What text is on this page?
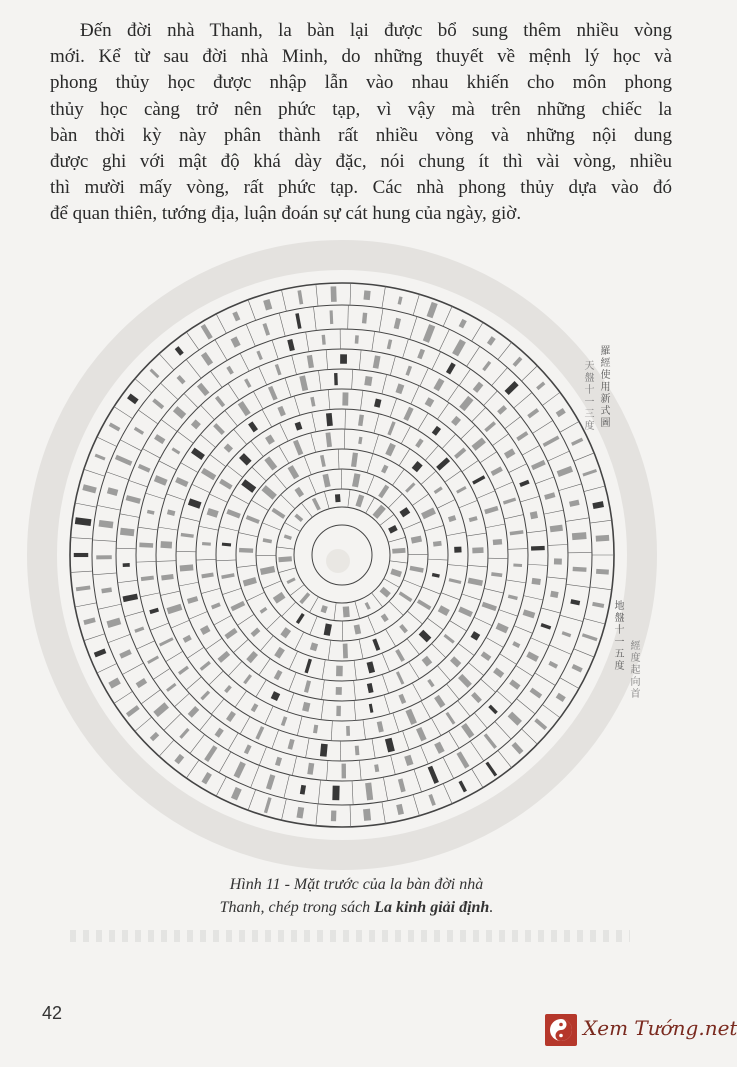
Đến đời nhà Thanh, la bàn lại được bổ sung thêm nhiều vòng
mới. Kể từ sau đời nhà Minh, do những thuyết về mệnh lý học và
phong thủy học được nhập lẫn vào nhau khiến cho môn phong
thủy học càng trở nên phức tạp, vì vậy mà trên những chiếc la
bàn thời kỳ này phân thành rất nhiều vòng và những nội dung
được ghi với mật độ khá dày đặc, nói chung ít thì vài vòng, nhiều
thì mười mấy vòng, rất phức tạp. Các nhà phong thủy dựa vào đó
để quan thiên, tướng địa, luận đoán sự cát hung của ngày, giờ.
羅經使用新式圖
天盤十一三度
地盤十一五度 經度起向首
Hình 11 - Mặt trước của la bàn đời nhà
Thanh, chép trong sách La kinh giải định.
42
Xem Tướng.net
